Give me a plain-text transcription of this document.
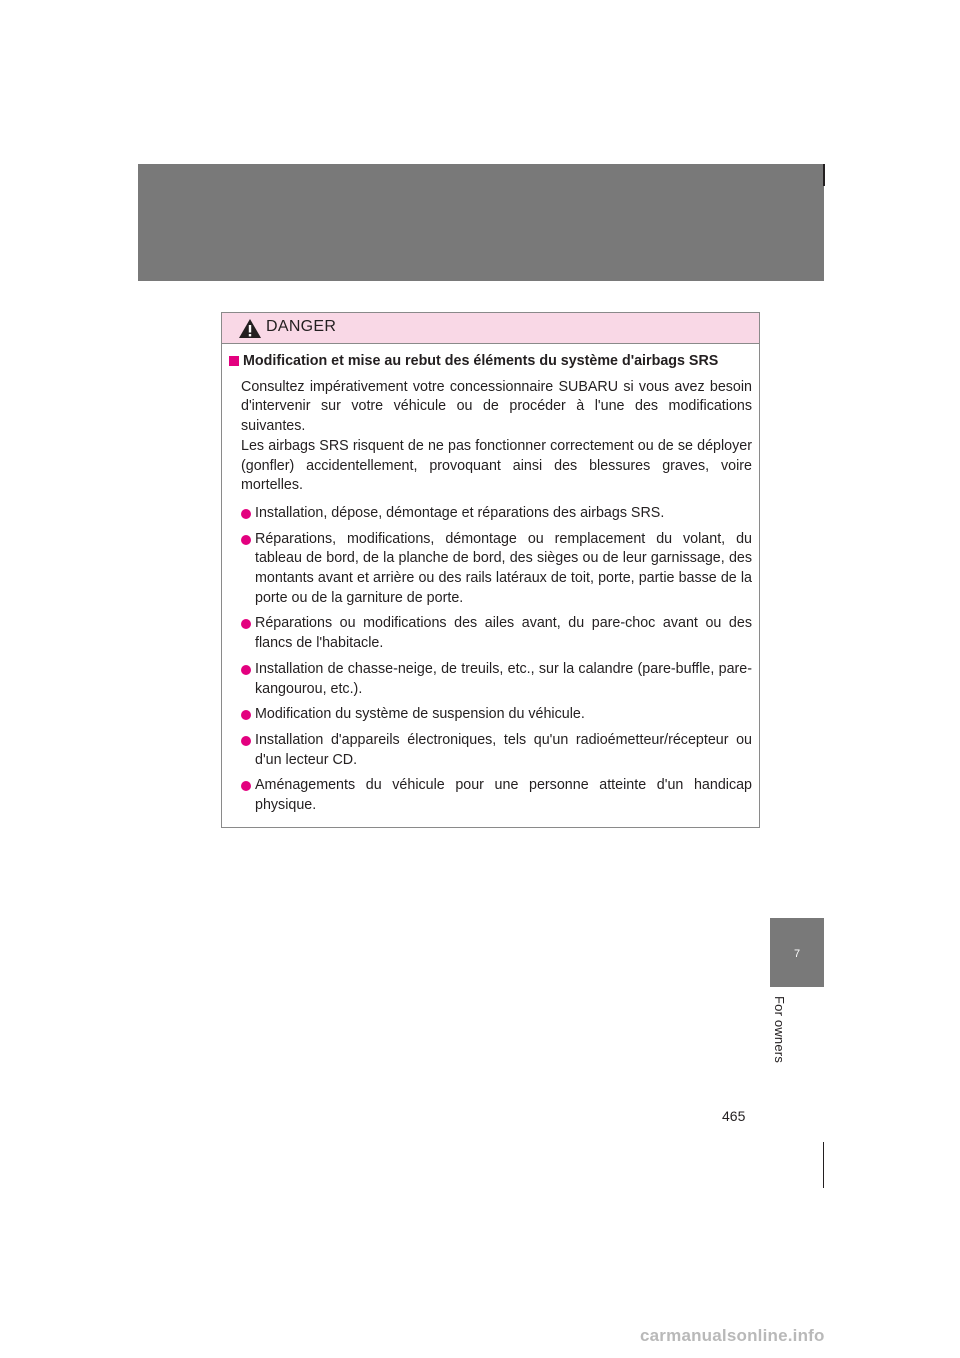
DANGER
Modification et mise au rebut des éléments du système d'airbags SRS
Consultez impérativement votre concessionnaire SUBARU si vous avez besoin d'intervenir sur votre véhicule ou de procéder à l'une des modifications suivantes.
Les airbags SRS risquent de ne pas fonctionner correctement ou de se déployer (gonfler) accidentellement, provoquant ainsi des blessures graves, voire mortelles.
Installation, dépose, démontage et réparations des airbags SRS.
Réparations, modifications, démontage ou remplacement du volant, du tableau de bord, de la planche de bord, des sièges ou de leur garnissage, des montants avant et arrière ou des rails latéraux de toit, porte, partie basse de la porte ou de la garniture de porte.
Réparations ou modifications des ailes avant, du pare-choc avant ou des flancs de l'habitacle.
Installation de chasse-neige, de treuils, etc., sur la calandre (pare-buffle, pare-kangourou, etc.).
Modification du système de suspension du véhicule.
Installation d'appareils électroniques, tels qu'un radioémetteur/récepteur ou d'un lecteur CD.
Aménagements du véhicule pour une personne atteinte d'un handicap physique.
7
For owners
465
carmanualsonline.info
